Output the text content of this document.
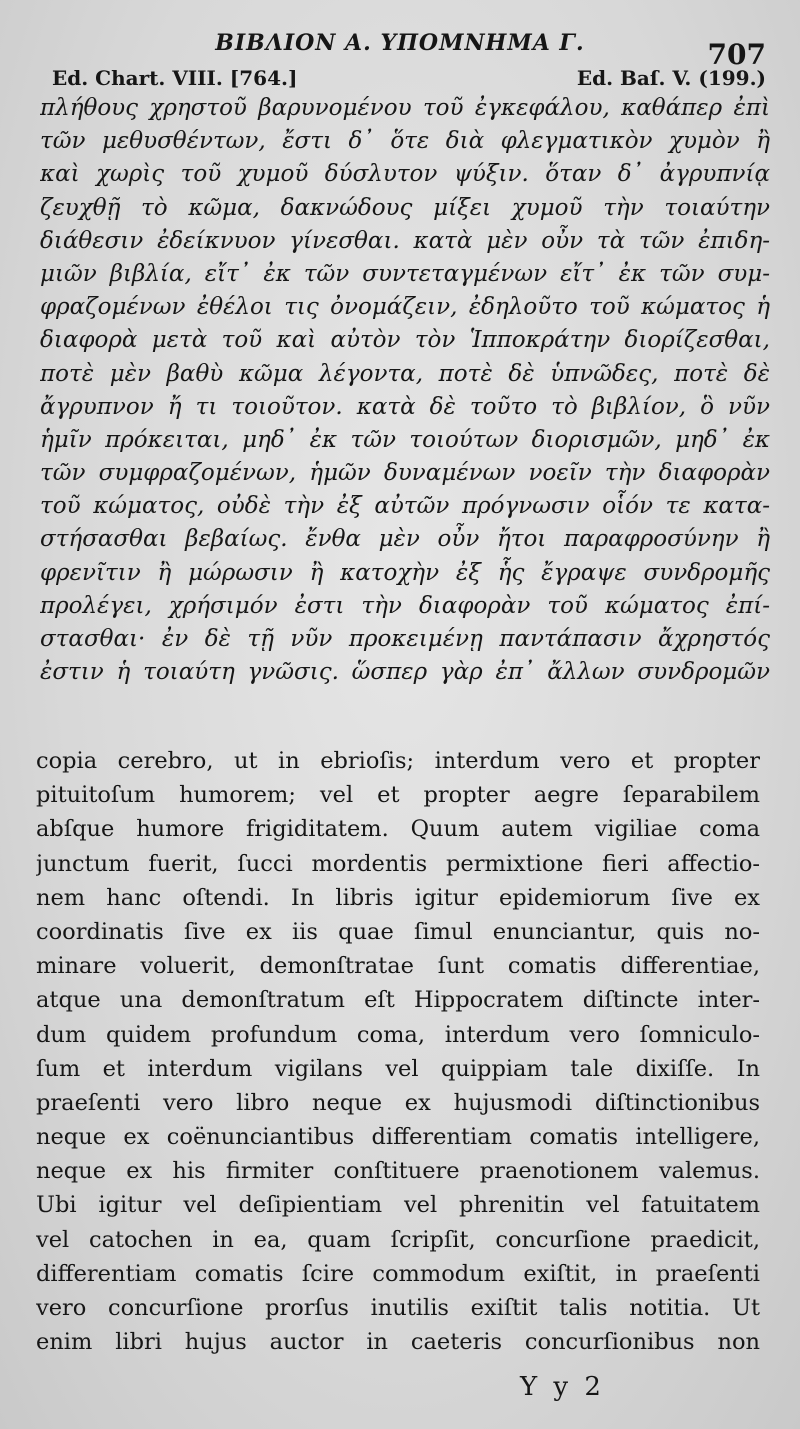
ΒΙΒΛΙΟΝ Α. ΥΠΟΜΝΗΜΑ Γ.	707
Ed. Chart. VIII. [764.]	Ed. Baſ. V. (199.)
πλήθους χρηστοῦ βαρυνομένου τοῦ ἐγκεφάλου, καθάπερ ἐπὶ
τῶν μεθυσθέντων, ἔστι δ᾽ ὅτε διὰ φλεγματικὸν χυμὸν ἢ
καὶ χωρὶς τοῦ χυμοῦ δύσλυτον ψύξιν. ὅταν δ᾽ ἀγρυπνίᾳ
ζευχθῇ τὸ κῶμα, δακνώδους μίξει χυμοῦ τὴν τοιαύτην
διάθεσιν ἐδείκνυον γίνεσθαι. κατὰ μὲν οὖν τὰ τῶν ἐπιδη-
μιῶν βιβλία, εἴτ᾽ ἐκ τῶν συντεταγμένων εἴτ᾽ ἐκ τῶν συμ-
φραζομένων ἐθέλοι τις ὀνομάζειν, ἐδηλοῦτο τοῦ κώματος ἡ
διαφορὰ μετὰ τοῦ καὶ αὐτὸν τὸν Ἱπποκράτην διορίζεσθαι,
ποτὲ μὲν βαθὺ κῶμα λέγοντα, ποτὲ δὲ ὑπνῶδες, ποτὲ δὲ
ἄγρυπνον ἤ τι τοιοῦτον. κατὰ δὲ τοῦτο τὸ βιβλίον, ὃ νῦν
ἡμῖν πρόκειται, μηδ᾽ ἐκ τῶν τοιούτων διορισμῶν, μηδ᾽ ἐκ
τῶν συμφραζομένων, ἡμῶν δυναμένων νοεῖν τὴν διαφορὰν
τοῦ κώματος, οὐδὲ τὴν ἐξ αὐτῶν πρόγνωσιν οἷόν τε κατα-
στήσασθαι βεβαίως. ἔνθα μὲν οὖν ἤτοι παραφροσύνην ἢ
φρενῖτιν ἢ μώρωσιν ἢ κατοχὴν ἐξ ἧς ἔγραψε συνδρομῆς
προλέγει, χρήσιμόν ἐστι τὴν διαφορὰν τοῦ κώματος ἐπί-
στασθαι· ἐν δὲ τῇ νῦν προκειμένῃ παντάπασιν ἄχρηστός
ἐστιν ἡ τοιαύτη γνῶσις. ὥσπερ γὰρ ἐπ᾽ ἄλλων συνδρομῶν
copia cerebro, ut in ebrioſis; interdum vero et propter
pituitoſum humorem; vel et propter aegre ſeparabilem
abſque humore frigiditatem. Quum autem vigiliae coma
junctum fuerit, ſucci mordentis permixtione fieri affectio-
nem hanc oſtendi. In libris igitur epidemiorum ſive ex
coordinatis ſive ex iis quae ſimul enunciantur, quis no-
minare voluerit, demonſtratae ſunt comatis differentiae,
atque una demonſtratum eſt Hippocratem diſtincte inter-
dum quidem profundum coma, interdum vero ſomniculo-
ſum et interdum vigilans vel quippiam tale dixiſſe. In
praeſenti vero libro neque ex hujusmodi diſtinctionibus
neque ex coënunciantibus differentiam comatis intelligere,
neque ex his firmiter conſtituere praenotionem valemus.
Ubi igitur vel deſipientiam vel phrenitin vel fatuitatem
vel catochen in ea, quam ſcripſit, concurſione praedicit,
differentiam comatis ſcire commodum exiſtit, in praeſenti
vero concurſione prorſus inutilis exiſtit talis notitia. Ut
enim libri hujus auctor in caeteris concurſionibus non
Y y 2
